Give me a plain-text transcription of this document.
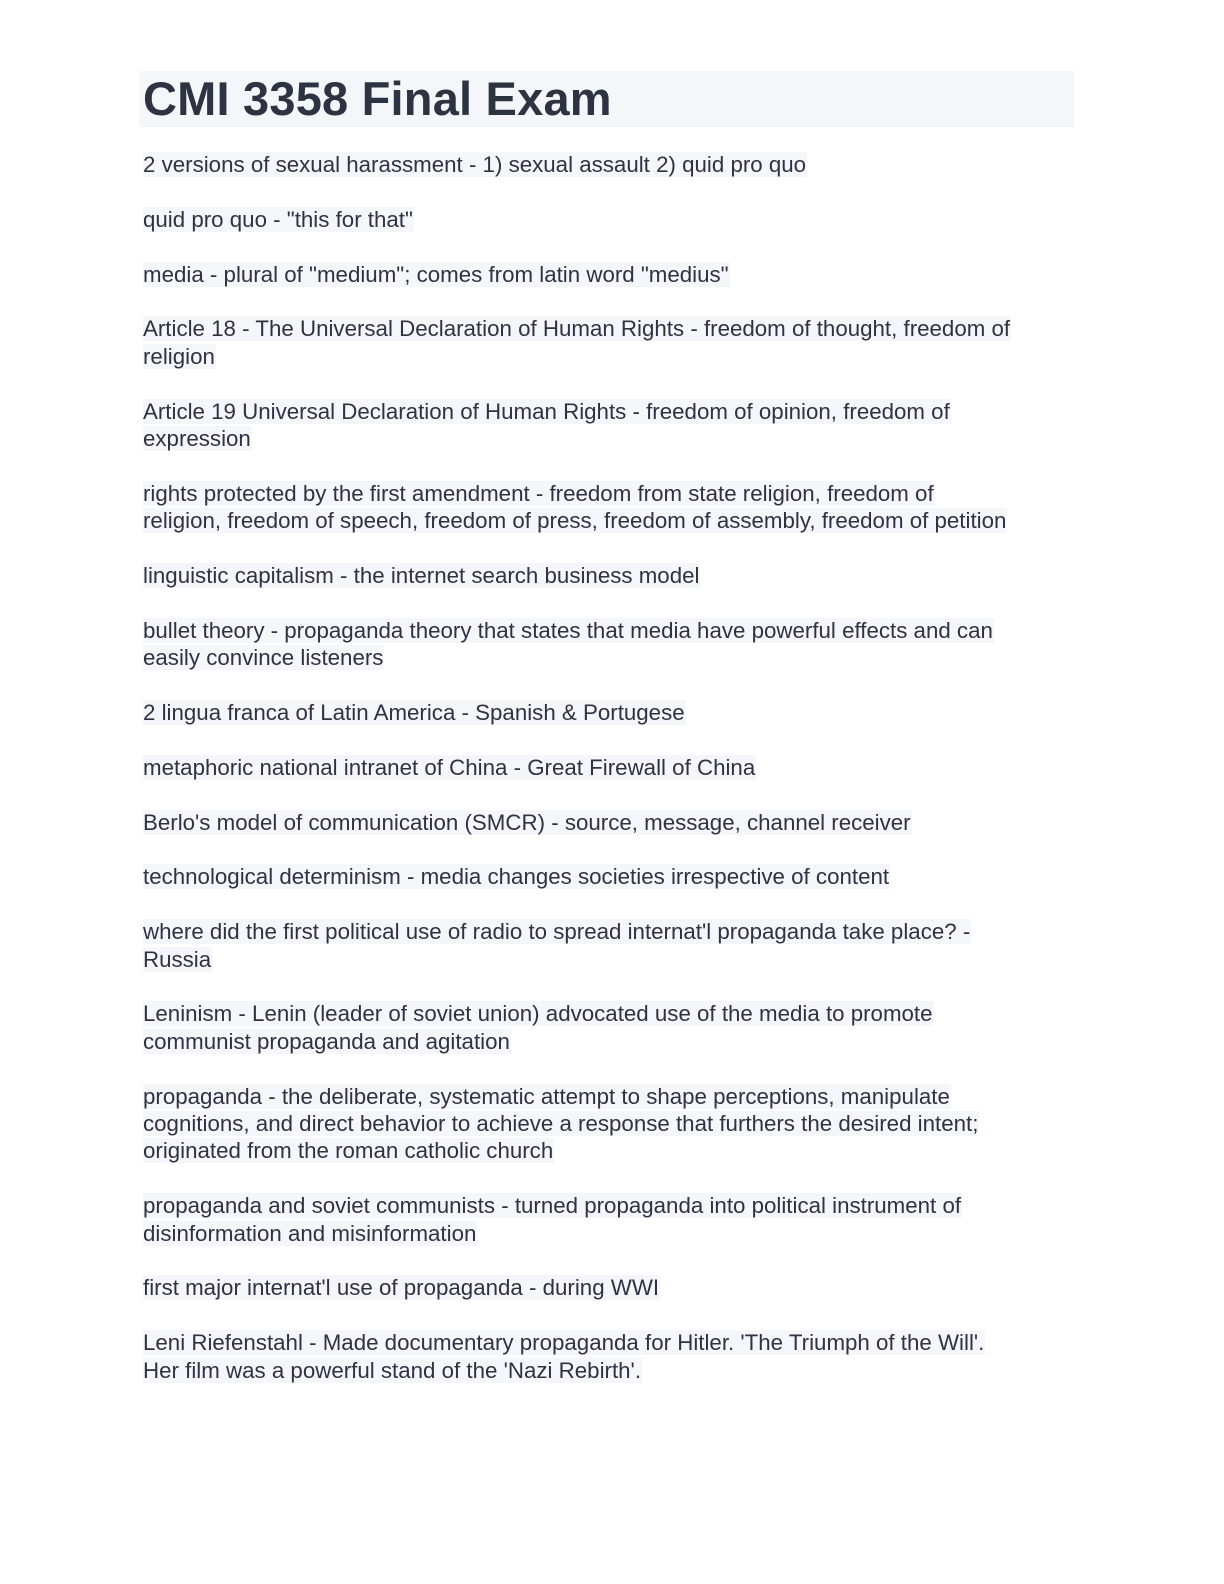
CMI 3358 Final Exam

2 versions of sexual harassment - 1) sexual assault 2) quid pro quo

quid pro quo - "this for that"

media - plural of "medium"; comes from latin word "medius"

Article 18 - The Universal Declaration of Human Rights - freedom of thought, freedom of
religion

Article 19 Universal Declaration of Human Rights - freedom of opinion, freedom of
expression

rights protected by the first amendment - freedom from state religion, freedom of
religion, freedom of speech, freedom of press, freedom of assembly, freedom of petition

linguistic capitalism - the internet search business model

bullet theory - propaganda theory that states that media have powerful effects and can
easily convince listeners

2 lingua franca of Latin America - Spanish & Portugese

metaphoric national intranet of China - Great Firewall of China

Berlo's model of communication (SMCR) - source, message, channel receiver

technological determinism - media changes societies irrespective of content

where did the first political use of radio to spread internat'l propaganda take place? -
Russia

Leninism - Lenin (leader of soviet union) advocated use of the media to promote
communist propaganda and agitation

propaganda - the deliberate, systematic attempt to shape perceptions, manipulate
cognitions, and direct behavior to achieve a response that furthers the desired intent;
originated from the roman catholic church

propaganda and soviet communists - turned propaganda into political instrument of
disinformation and misinformation

first major internat'l use of propaganda - during WWI

Leni Riefenstahl - Made documentary propaganda for Hitler. 'The Triumph of the Will'.
Her film was a powerful stand of the 'Nazi Rebirth'.
